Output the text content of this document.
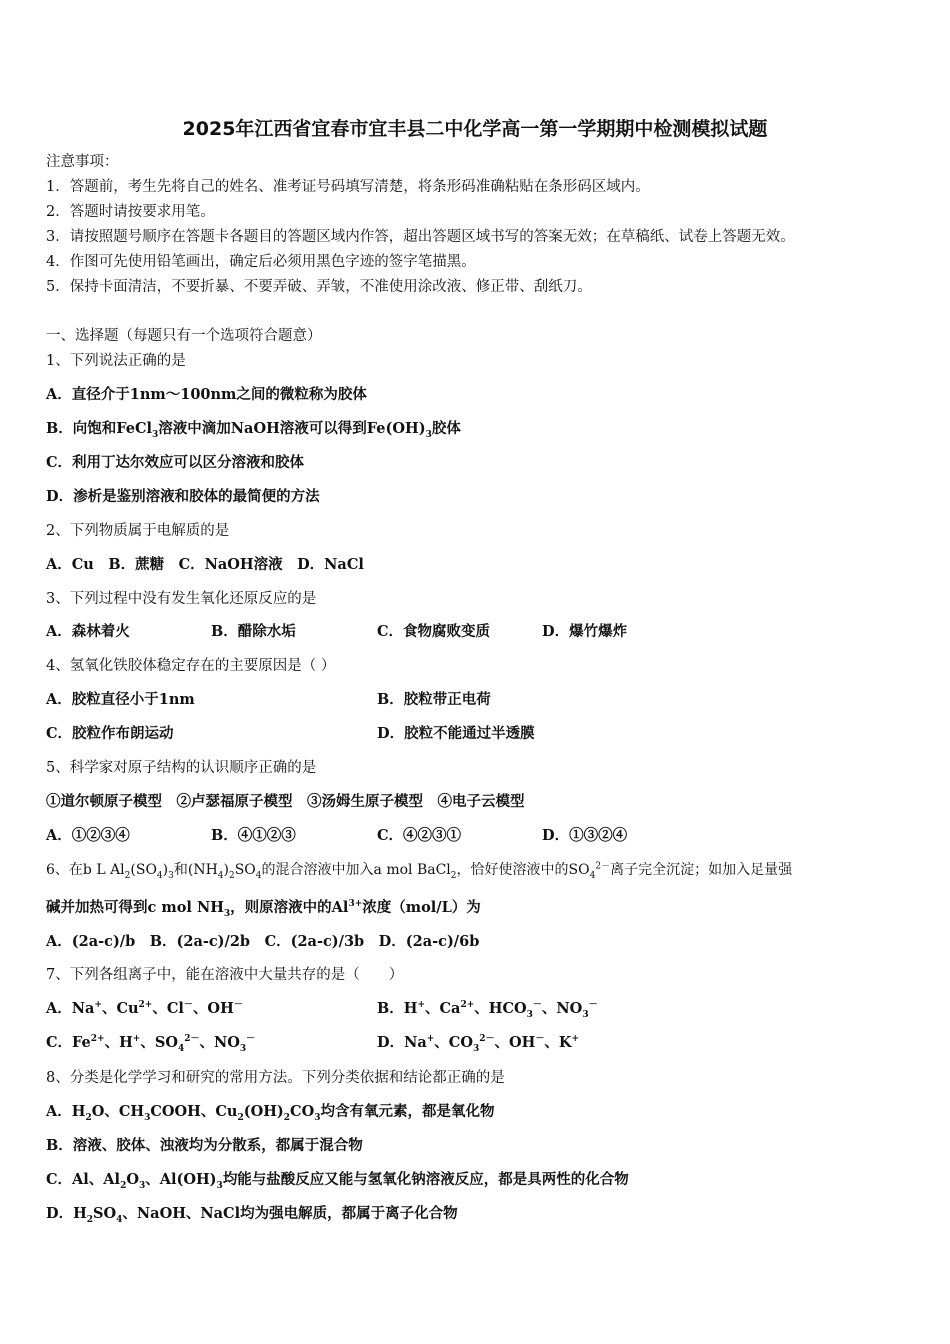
2025年江西省宜春市宜丰县二中化学高一第一学期期中检测模拟试题
注意事项：
1．答题前，考生先将自己的姓名、准考证号码填写清楚，将条形码准确粘贴在条形码区域内。
2．答题时请按要求用笔。
3．请按照题号顺序在答题卡各题目的答题区域内作答，超出答题区域书写的答案无效；在草稿纸、试卷上答题无效。
4．作图可先使用铅笔画出，确定后必须用黑色字迹的签字笔描黑。
5．保持卡面清洁，不要折暴、不要弄破、弄皱，不准使用涂改液、修正带、刮纸刀。
一、选择题（每题只有一个选项符合题意）
1、下列说法正确的是
A．直径介于1nm～100nm之间的微粒称为胶体
B．向饱和FeCl$_3$溶液中滴加NaOH溶液可以得到$Fe(OH)_3$胶体
C．利用丁达尔效应可以区分溶液和胶体
D．渗析是鉴别溶液和胶体的最简便的方法
2、下列物质属于电解质的是
A．Cu　B．蔗糖　C．NaOH溶液　D．NaCl
3、下列过程中没有发生氧化还原反应的是
A．森林着火	B．醋除水垢	C．食物腐败变质	D．爆竹爆炸
4、氢氧化铁胶体稳定存在的主要原因是（ ）
A．胶粒直径小于1nm	B．胶粒带正电荷
C．胶粒作布朗运动	D．胶粒不能通过半透膜
5、科学家对原子结构的认识顺序正确的是
①道尔顿原子模型　②卢瑟福原子模型　③汤姆生原子模型　④电子云模型
A．①②③④	B．④①②③	C．④②③①	D．①③②④
6、在b L $Al_2(SO_4)_3$和$(NH_4)_2SO_4$的混合溶液中加入a mol BaCl$_2$，恰好使溶液中的$SO_4^{2-}$离子完全沉淀；如加入足量强
碱并加热可得到c mol $NH_3$，则原溶液中的$Al^{3+}$浓度（mol/L）为
A．(2a-c)/b　B．(2a-c)/2b　C．(2a-c)/3b　D．(2a-c)/6b
7、下列各组离子中，能在溶液中大量共存的是（　　）
A．Na+、$Cu^{2+}$、Cl－、OH－	B．H+、$Ca^{2+}$、$HCO_3^-$、$NO_3^-$
C．$Fe^{2+}$、H+、$SO_4^{2-}$、$NO_3^-$	D．Na+、$CO_3^{2-}$、OH－、K+
8、分类是化学学习和研究的常用方法。下列分类依据和结论都正确的是
A．$H_2O$、$CH_3COOH$、$Cu_2(OH)_2CO_3$均含有氧元素，都是氧化物
B．溶液、胶体、浊液均为分散系，都属于混合物
C．Al、$Al_2O_3$、$Al(OH)_3$均能与盐酸反应又能与氢氧化钠溶液反应，都是具两性的化合物
D．$H_2SO_4$、NaOH、NaCl均为强电解质，都属于离子化合物
